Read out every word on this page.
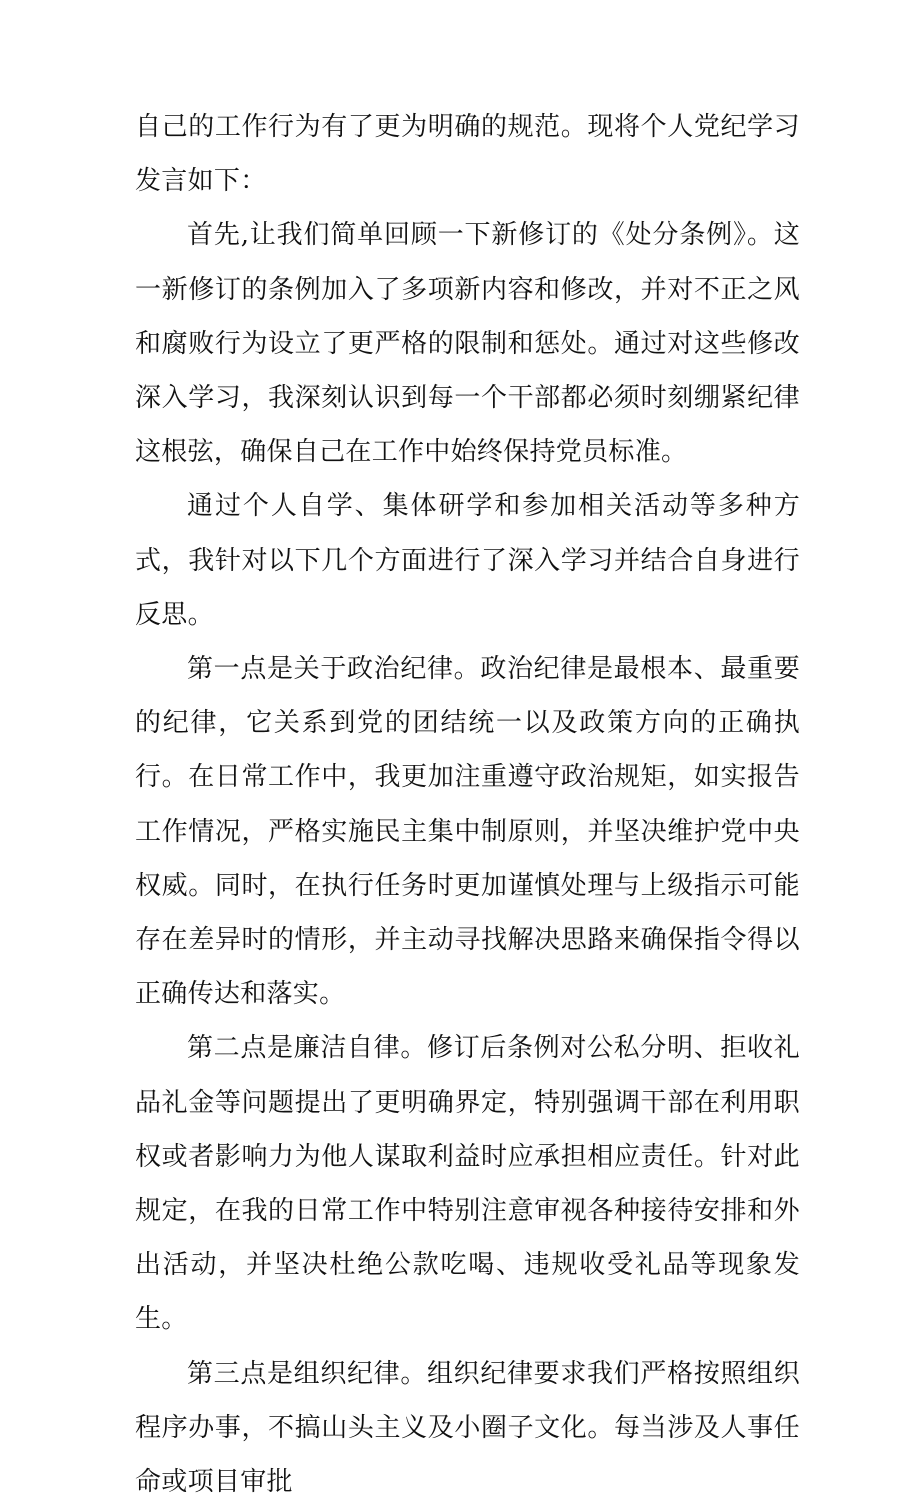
自己的工作行为有了更为明确的规范。现将个人党纪学习发言如下：

首先,让我们简单回顾一下新修订的《处分条例》。这一新修订的条例加入了多项新内容和修改，并对不正之风和腐败行为设立了更严格的限制和惩处。通过对这些修改深入学习，我深刻认识到每一个干部都必须时刻绷紧纪律这根弦，确保自己在工作中始终保持党员标准。

通过个人自学、集体研学和参加相关活动等多种方式，我针对以下几个方面进行了深入学习并结合自身进行反思。

第一点是关于政治纪律。政治纪律是最根本、最重要的纪律，它关系到党的团结统一以及政策方向的正确执行。在日常工作中，我更加注重遵守政治规矩，如实报告工作情况，严格实施民主集中制原则，并坚决维护党中央权威。同时，在执行任务时更加谨慎处理与上级指示可能存在差异时的情形，并主动寻找解决思路来确保指令得以正确传达和落实。

第二点是廉洁自律。修订后条例对公私分明、拒收礼品礼金等问题提出了更明确界定，特别强调干部在利用职权或者影响力为他人谋取利益时应承担相应责任。针对此规定，在我的日常工作中特别注意审视各种接待安排和外出活动，并坚决杜绝公款吃喝、违规收受礼品等现象发生。

第三点是组织纪律。组织纪律要求我们严格按照组织程序办事，不搞山头主义及小圈子文化。每当涉及人事任命或项目审批
